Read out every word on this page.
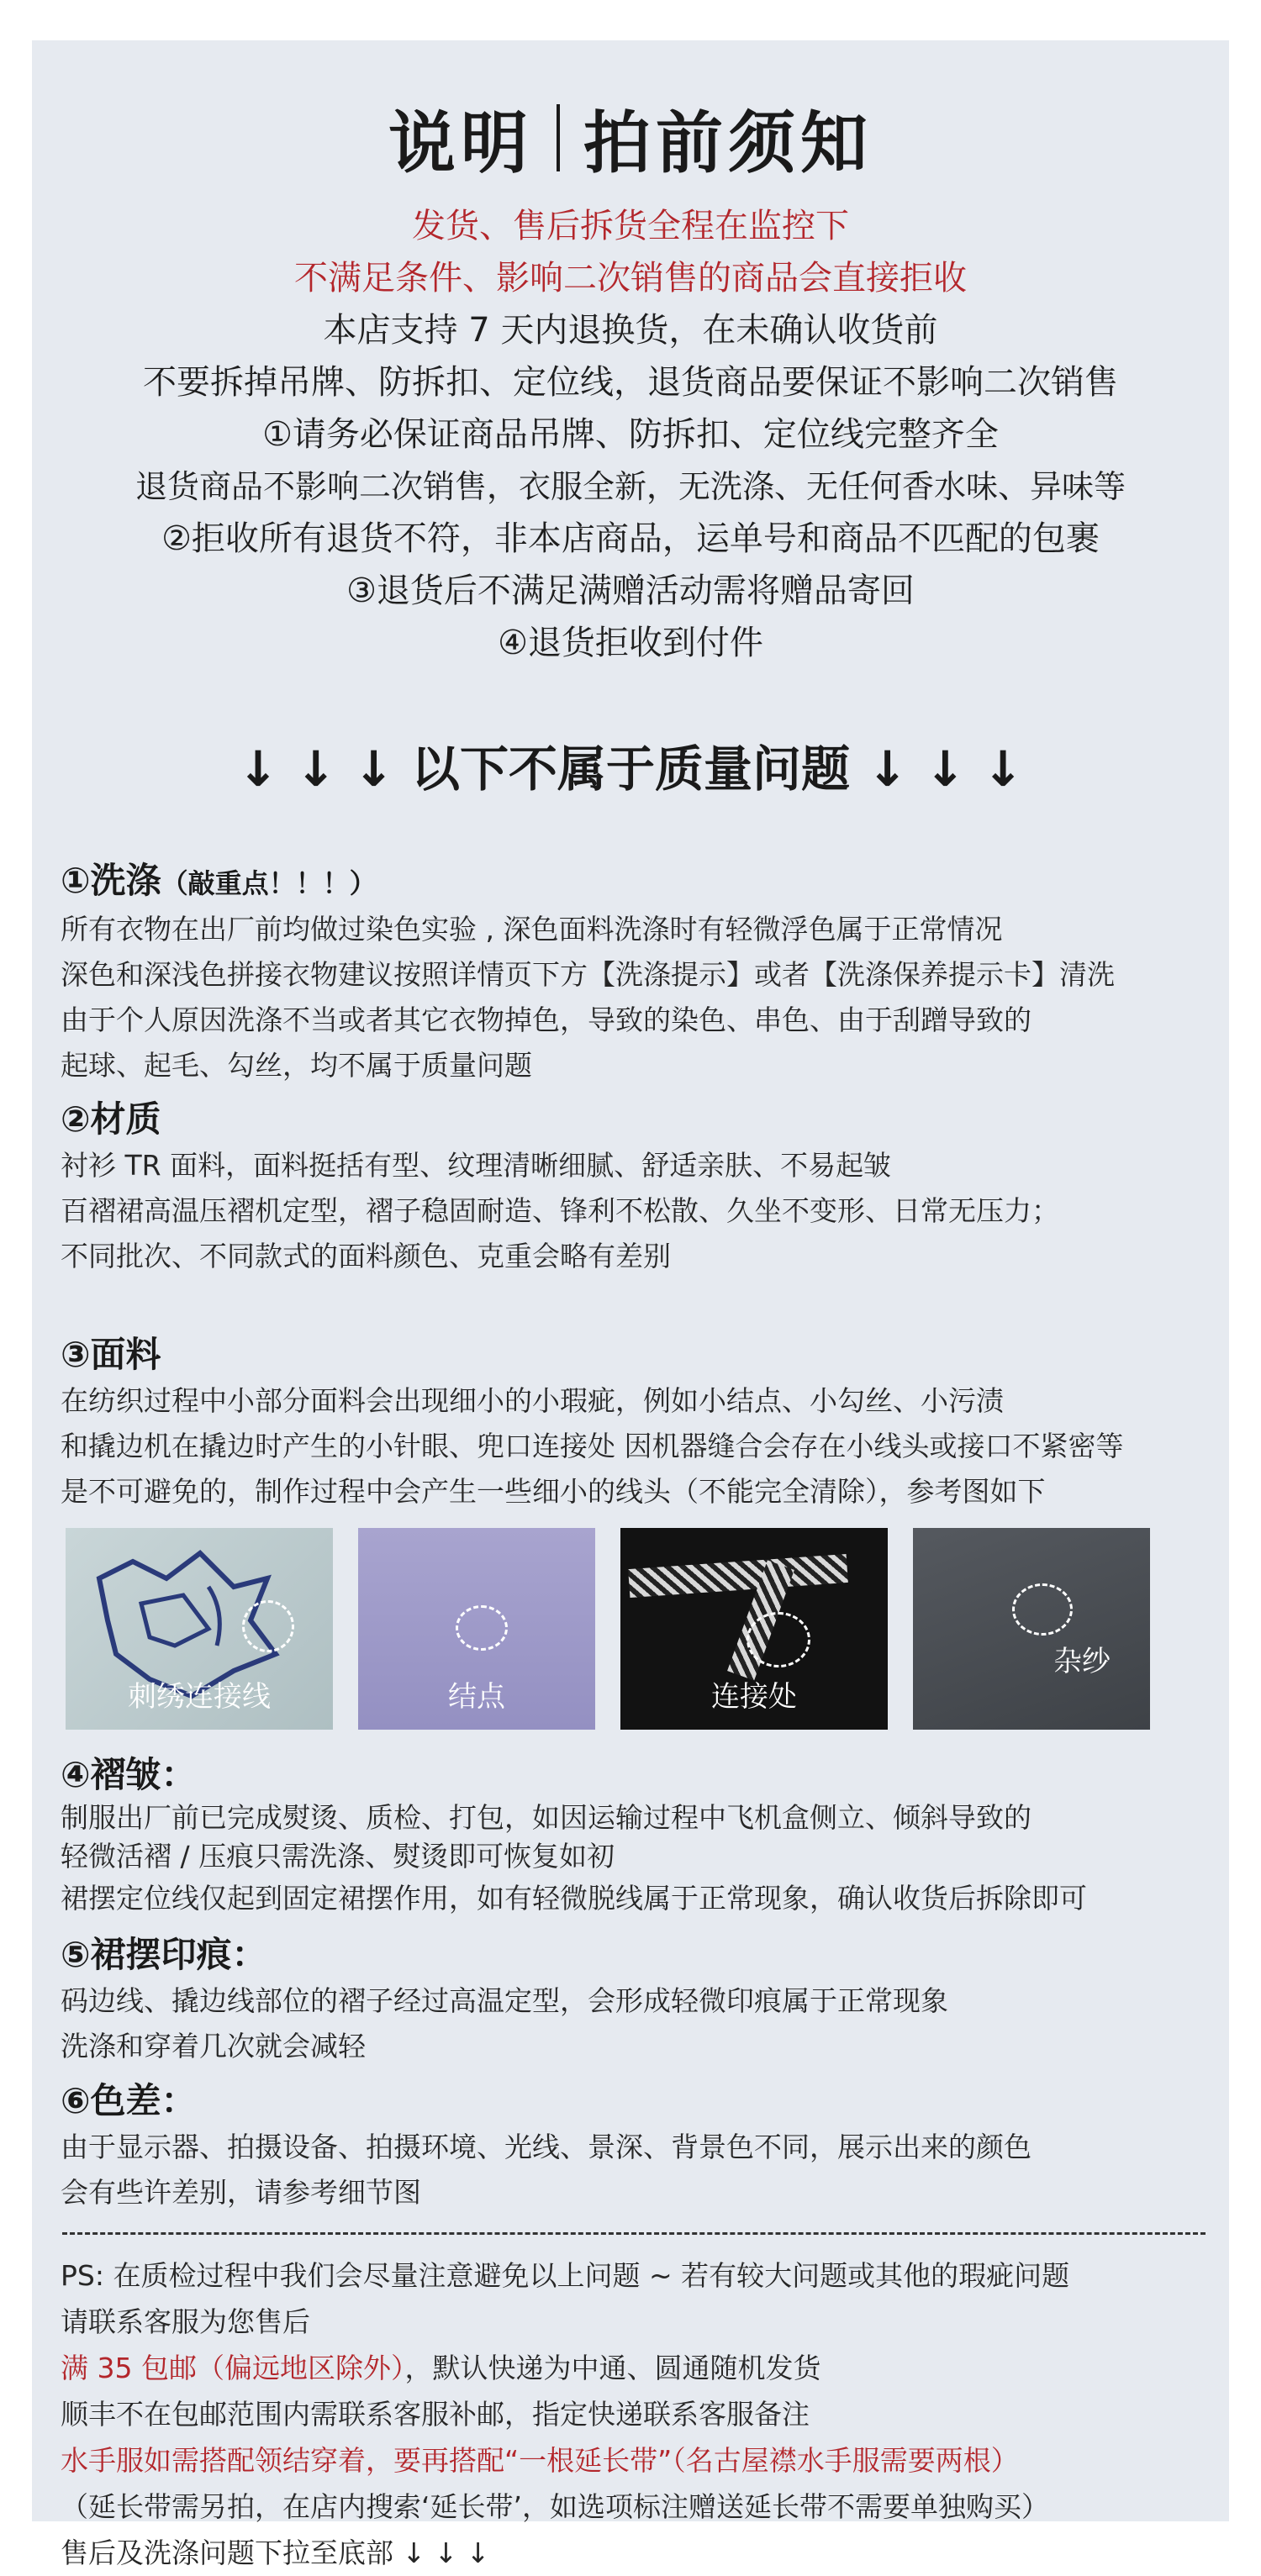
说明 拍前须知
发货、售后拆货全程在监控下
不满足条件、影响二次销售的商品会直接拒收
本店支持 7 天内退换货，在未确认收货前
不要拆掉吊牌、防拆扣、定位线，退货商品要保证不影响二次销售
①请务必保证商品吊牌、防拆扣、定位线完整齐全
退货商品不影响二次销售，衣服全新，无洗涤、无任何香水味、异味等
②拒收所有退货不符，非本店商品，运单号和商品不匹配的包裹
③退货后不满足满赠活动需将赠品寄回
④退货拒收到付件
↓ ↓ ↓ 以下不属于质量问题 ↓ ↓ ↓
①洗涤（敲重点！！！）
所有衣物在出厂前均做过染色实验 , 深色面料洗涤时有轻微浮色属于正常情况
深色和深浅色拼接衣物建议按照详情页下方【洗涤提示】或者【洗涤保养提示卡】清洗
由于个人原因洗涤不当或者其它衣物掉色，导致的染色、串色、由于刮蹭导致的
起球、起毛、勾丝，均不属于质量问题
②材质
衬衫 TR 面料，面料挺括有型、纹理清晰细腻、舒适亲肤、不易起皱
百褶裙高温压褶机定型，褶子稳固耐造、锋利不松散、久坐不变形、日常无压力；
不同批次、不同款式的面料颜色、克重会略有差别
③面料
在纺织过程中小部分面料会出现细小的小瑕疵，例如小结点、小勾丝、小污渍
和撬边机在撬边时产生的小针眼、兜口连接处 因机器缝合会存在小线头或接口不紧密等
是不可避免的，制作过程中会产生一些细小的线头（不能完全清除），参考图如下
刺绣连接线	结点	连接处
杂纱
④褶皱：
制服出厂前已完成熨烫、质检、打包，如因运输过程中飞机盒侧立、倾斜导致的
轻微活褶 / 压痕只需洗涤、熨烫即可恢复如初
裙摆定位线仅起到固定裙摆作用，如有轻微脱线属于正常现象，确认收货后拆除即可
⑤裙摆印痕：
码边线、撬边线部位的褶子经过高温定型，会形成轻微印痕属于正常现象
洗涤和穿着几次就会减轻
⑥色差：
由于显示器、拍摄设备、拍摄环境、光线、景深、背景色不同，展示出来的颜色
会有些许差别，请参考细节图
PS: 在质检过程中我们会尽量注意避免以上问题 ~ 若有较大问题或其他的瑕疵问题
请联系客服为您售后
满 35 包邮（偏远地区除外），默认快递为中通、圆通随机发货
顺丰不在包邮范围内需联系客服补邮，指定快递联系客服备注
水手服如需搭配领结穿着，要再搭配“一根延长带”（名古屋襟水手服需要两根）
（延长带需另拍，在店内搜索‘延长带’，如选项标注赠送延长带不需要单独购买）
售后及洗涤问题下拉至底部 ↓ ↓ ↓
